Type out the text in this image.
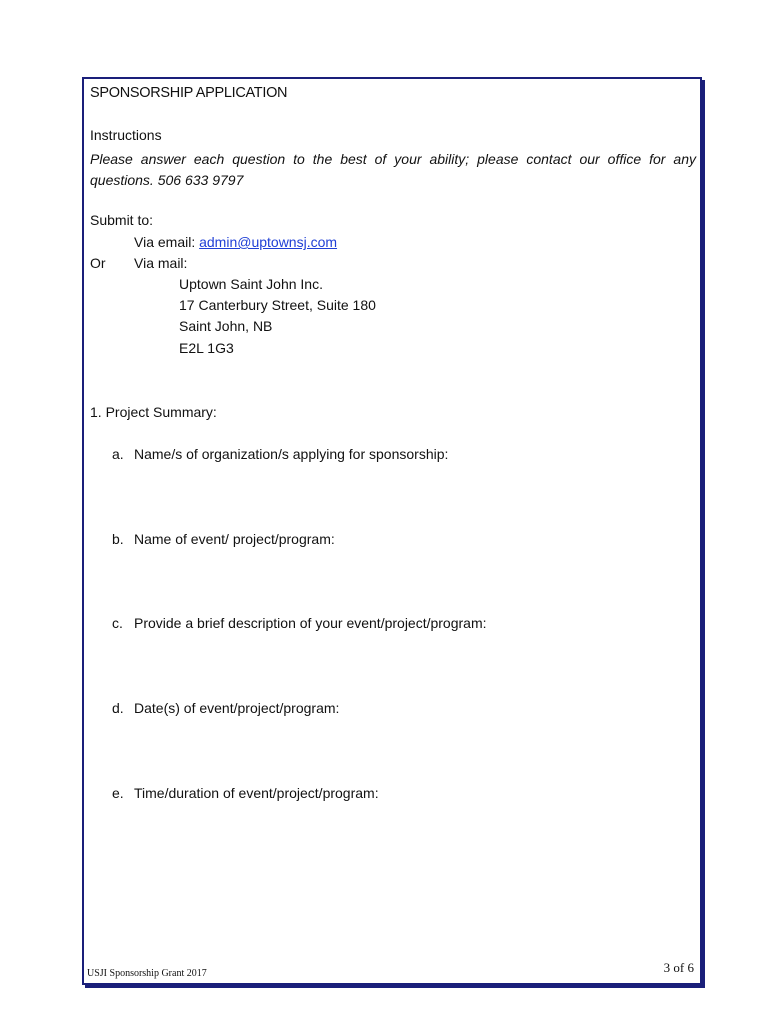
SPONSORSHIP APPLICATION
Instructions
Please answer each question to the best of your ability; please contact our office for any questions. 506 633 9797
Submit to:
Via email: admin@uptownsj.com
Or Via mail:
Uptown Saint John Inc.
17 Canterbury Street, Suite 180
Saint John, NB
E2L 1G3
1. Project Summary:
a. Name/s of organization/s applying for sponsorship:
b. Name of event/ project/program:
c. Provide a brief description of your event/project/program:
d. Date(s) of event/project/program:
e. Time/duration of event/project/program:
USJI Sponsorship Grant 2017	3 of 6
